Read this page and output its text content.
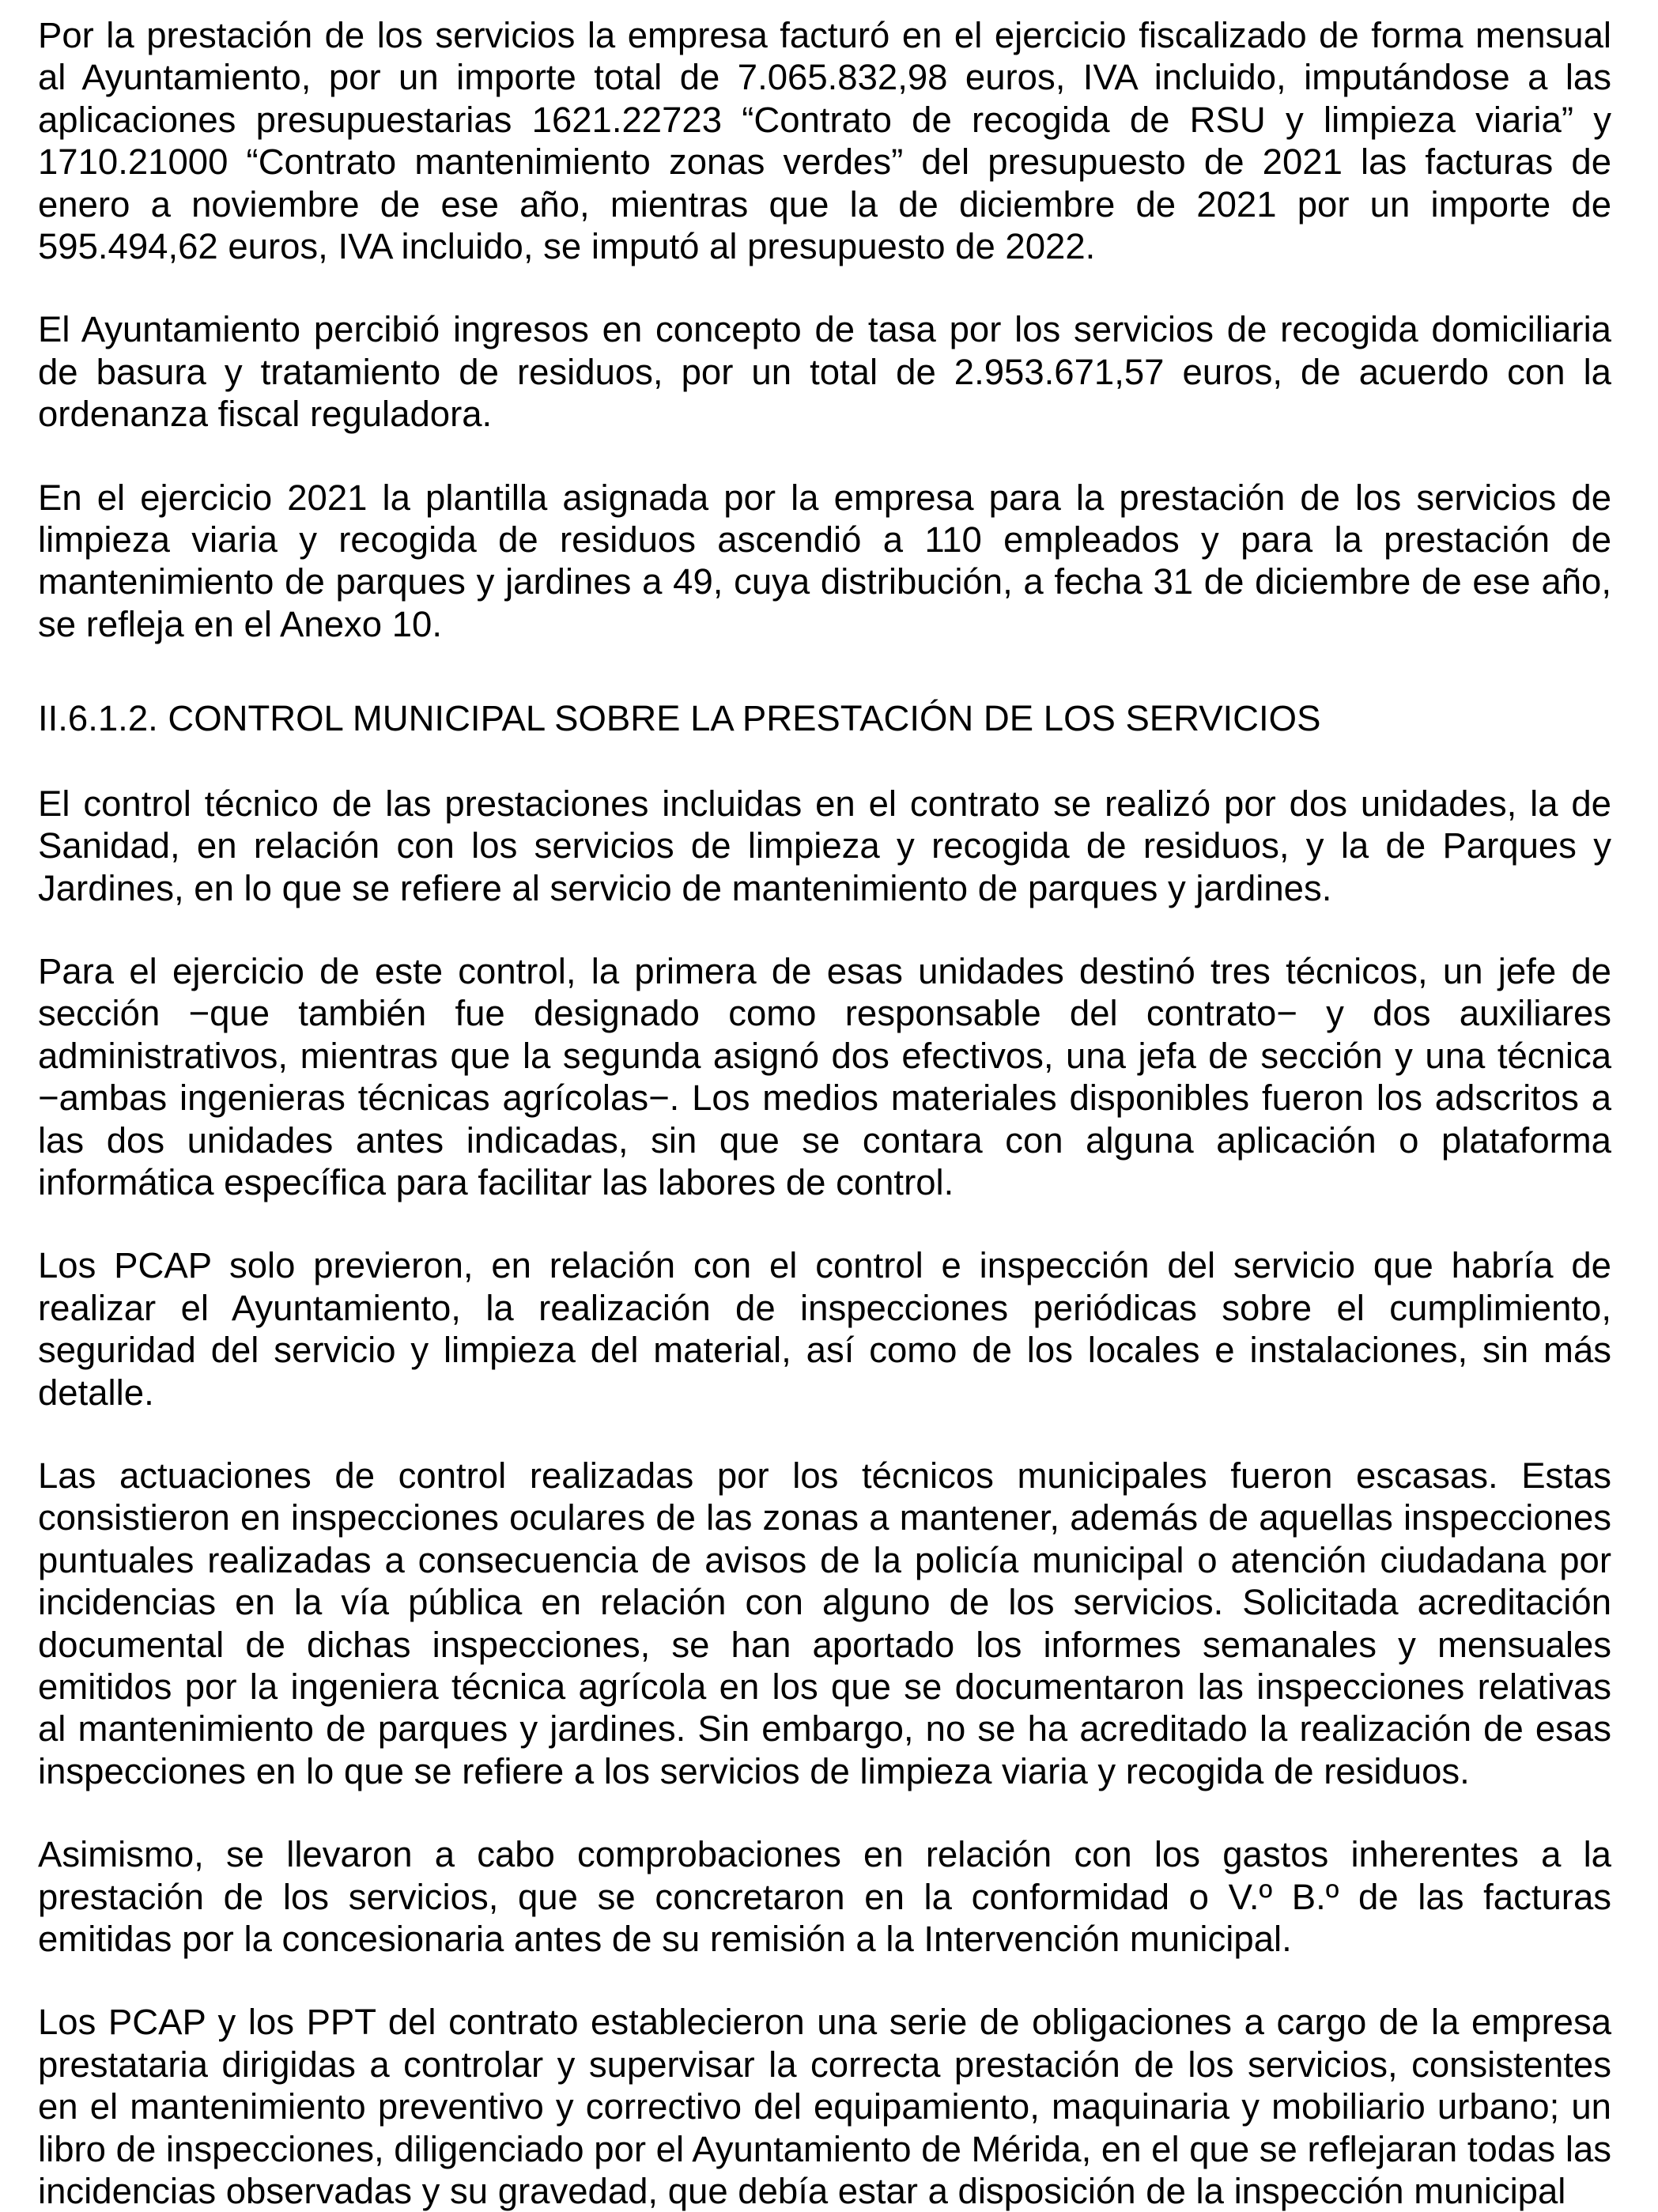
Por la prestación de los servicios la empresa facturó en el ejercicio fiscalizado de forma mensual al Ayuntamiento, por un importe total de 7.065.832,98 euros, IVA incluido, imputándose a las aplicaciones presupuestarias 1621.22723 “Contrato de recogida de RSU y limpieza viaria” y 1710.21000 “Contrato mantenimiento zonas verdes” del presupuesto de 2021 las facturas de enero a noviembre de ese año, mientras que la de diciembre de 2021 por un importe de 595.494,62 euros, IVA incluido, se imputó al presupuesto de 2022.

El Ayuntamiento percibió ingresos en concepto de tasa por los servicios de recogida domiciliaria de basura y tratamiento de residuos, por un total de 2.953.671,57 euros, de acuerdo con la ordenanza fiscal reguladora.

En el ejercicio 2021 la plantilla asignada por la empresa para la prestación de los servicios de limpieza viaria y recogida de residuos ascendió a 110 empleados y para la prestación de mantenimiento de parques y jardines a 49, cuya distribución, a fecha 31 de diciembre de ese año, se refleja en el Anexo 10.

II.6.1.2. CONTROL MUNICIPAL SOBRE LA PRESTACIÓN DE LOS SERVICIOS

El control técnico de las prestaciones incluidas en el contrato se realizó por dos unidades, la de Sanidad, en relación con los servicios de limpieza y recogida de residuos, y la de Parques y Jardines, en lo que se refiere al servicio de mantenimiento de parques y jardines.

Para el ejercicio de este control, la primera de esas unidades destinó tres técnicos, un jefe de sección −que también fue designado como responsable del contrato− y dos auxiliares administrativos, mientras que la segunda asignó dos efectivos, una jefa de sección y una técnica −ambas ingenieras técnicas agrícolas−. Los medios materiales disponibles fueron los adscritos a las dos unidades antes indicadas, sin que se contara con alguna aplicación o plataforma informática específica para facilitar las labores de control.

Los PCAP solo previeron, en relación con el control e inspección del servicio que habría de realizar el Ayuntamiento, la realización de inspecciones periódicas sobre el cumplimiento, seguridad del servicio y limpieza del material, así como de los locales e instalaciones, sin más detalle.

Las actuaciones de control realizadas por los técnicos municipales fueron escasas. Estas consistieron en inspecciones oculares de las zonas a mantener, además de aquellas inspecciones puntuales realizadas a consecuencia de avisos de la policía municipal o atención ciudadana por incidencias en la vía pública en relación con alguno de los servicios. Solicitada acreditación documental de dichas inspecciones, se han aportado los informes semanales y mensuales emitidos por la ingeniera técnica agrícola en los que se documentaron las inspecciones relativas al mantenimiento de parques y jardines. Sin embargo, no se ha acreditado la realización de esas inspecciones en lo que se refiere a los servicios de limpieza viaria y recogida de residuos.

Asimismo, se llevaron a cabo comprobaciones en relación con los gastos inherentes a la prestación de los servicios, que se concretaron en la conformidad o V.º B.º de las facturas emitidas por la concesionaria antes de su remisión a la Intervención municipal.

Los PCAP y los PPT del contrato establecieron una serie de obligaciones a cargo de la empresa prestataria dirigidas a controlar y supervisar la correcta prestación de los servicios, consistentes en el mantenimiento preventivo y correctivo del equipamiento, maquinaria y mobiliario urbano; un libro de inspecciones, diligenciado por el Ayuntamiento de Mérida, en el que se reflejaran todas las incidencias observadas y su gravedad, que debía estar a disposición de la inspección municipal
